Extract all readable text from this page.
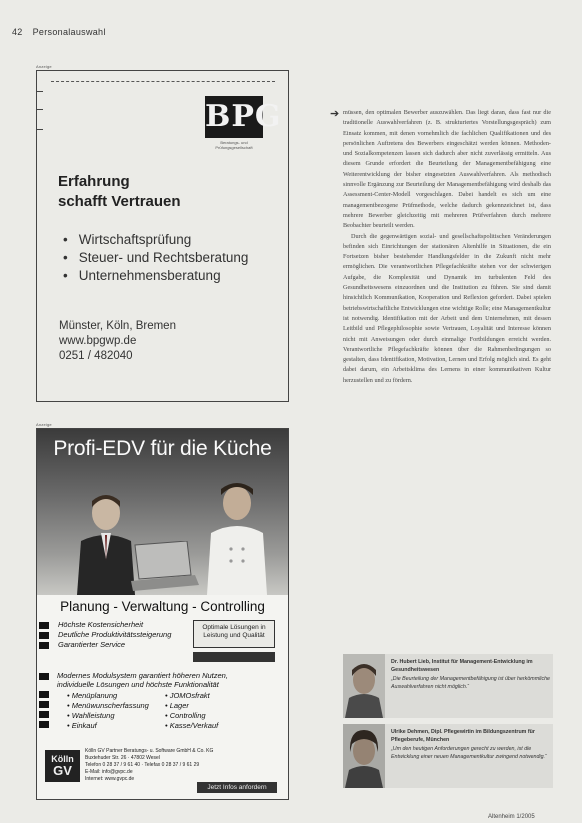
42 Personalauswahl
Anzeige
BPG
Beratungs- und Prüfungsgesellschaft
Erfahrung
schafft Vertrauen
• Wirtschaftsprüfung
• Steuer- und Rechtsberatung
• Unternehmensberatung
Münster, Köln, Bremen
www.bpgwp.de
0251 / 482040
Anzeige
Profi-EDV für die Küche
Planung - Verwaltung - Controlling
Höchste Kostensicherheit
Deutliche Produktivitätssteigerung
Garantierter Service
Optimale Lösungen in Leistung und Qualität
Modernes Modulsystem garantiert höheren Nutzen,
individuelle Lösungen und höchste Funktionalität
• Menüplanung
• Menüwunscherfassung
• Wahlleistung
• Einkauf
• JOMOsfrakt
• Lager
• Controlling
• Kasse/Verkauf
Kölln
GV
Kölln GV Partner Beratungs- u. Software GmbH & Co. KG
Buxtehuder Str. 26 · 47802 Wesel
Telefon 0 28 37 / 9 61 40 · Telefax 0 28 37 / 9 61 29
E-Mail: info@gvpc.de
Internet: www.gvpc.de
Jetzt Infos anfordern
➔ müssen, den optimalen Bewerber auszuwählen. Das liegt daran, dass fast nur die traditionelle Auswahlverfahren (z. B. strukturiertes Vorstellungsgespräch) zum Einsatz kommen, mit denen vornehmlich die fachlichen Qualifikationen und des persönlichen Auftretens des Bewerbers eingeschätzt werden können. Methoden- und Sozialkompetenzen lassen sich dadurch aber nicht zuverlässig ermitteln. Aus diesem Grunde erfordert die Beurteilung der Managementbefähigung eine Weiterentwicklung der bisher eingesetzten Auswahlverfahren. Als methodisch sinnvolle Ergänzung zur Beurteilung der Managementbefähigung wird deshalb das Assessment-Center-Modell vorgeschlagen. Dabei handelt es sich um eine managementbezogene Prüfmethode, welche dadurch gekennzeichnet ist, dass mehrere Bewerber gleichzeitig mit mehreren Prüfverfahren durch mehrere Beobachter beurteilt werden.

Durch die gegenwärtigen sozial- und gesellschaftspolitischen Veränderungen befinden sich Einrichtungen der stationären Altenhilfe in Situationen, die ein Fortsetzen bisher bestehender Handlungsfelder in die Zukunft nicht mehr ermöglichen. Die verantwortlichen Pflegefachkräfte stehen vor der schwierigen Aufgabe, die Komplexität und Dynamik im turbulenten Feld des Gesundheitswesens einzuordnen und die Institution zu führen. Sie sind damit hinsichtlich Kommunikation, Kooperation und Reflexion gefordert. Dabei spielen betriebswirtschaftliche Entwicklungen eine wichtige Rolle; eine Managementkultur ist notwendig. Identifikation mit der Arbeit und dem Unternehmen, mit dessen Leitbild und Pflegephilosophie sowie Vertrauen, Loyalität und Interesse können nicht mit Anweisungen oder durch einmalige Fortbildungen erreicht werden. Verantwortliche Pflegefachkräfte können über die Rahmenbedingungen so gestalten, dass Identifikation, Motivation, Lernen und Erfolg möglich sind. Es geht dabei darum, ein Arbeitsklima des Lernens in einer kommunikativen Kultur herzustellen und zu fördern.

Dr. Hubert Lieb, Institut für Management-Entwicklung im Gesundheitswesen
„Die Beurteilung der Managementbefähigung ist über herkömmliche Auswahlverfahren nicht möglich.“
Ulrike Dehmen, Dipl. Pflegewirtin im Bildungszentrum für Pflegeberufe, München
„Um den heutigen Anforderungen gerecht zu werden, ist die Entwicklung einer neuen Managementkultur zwingend notwendig.“
Altenheim 1/2005
